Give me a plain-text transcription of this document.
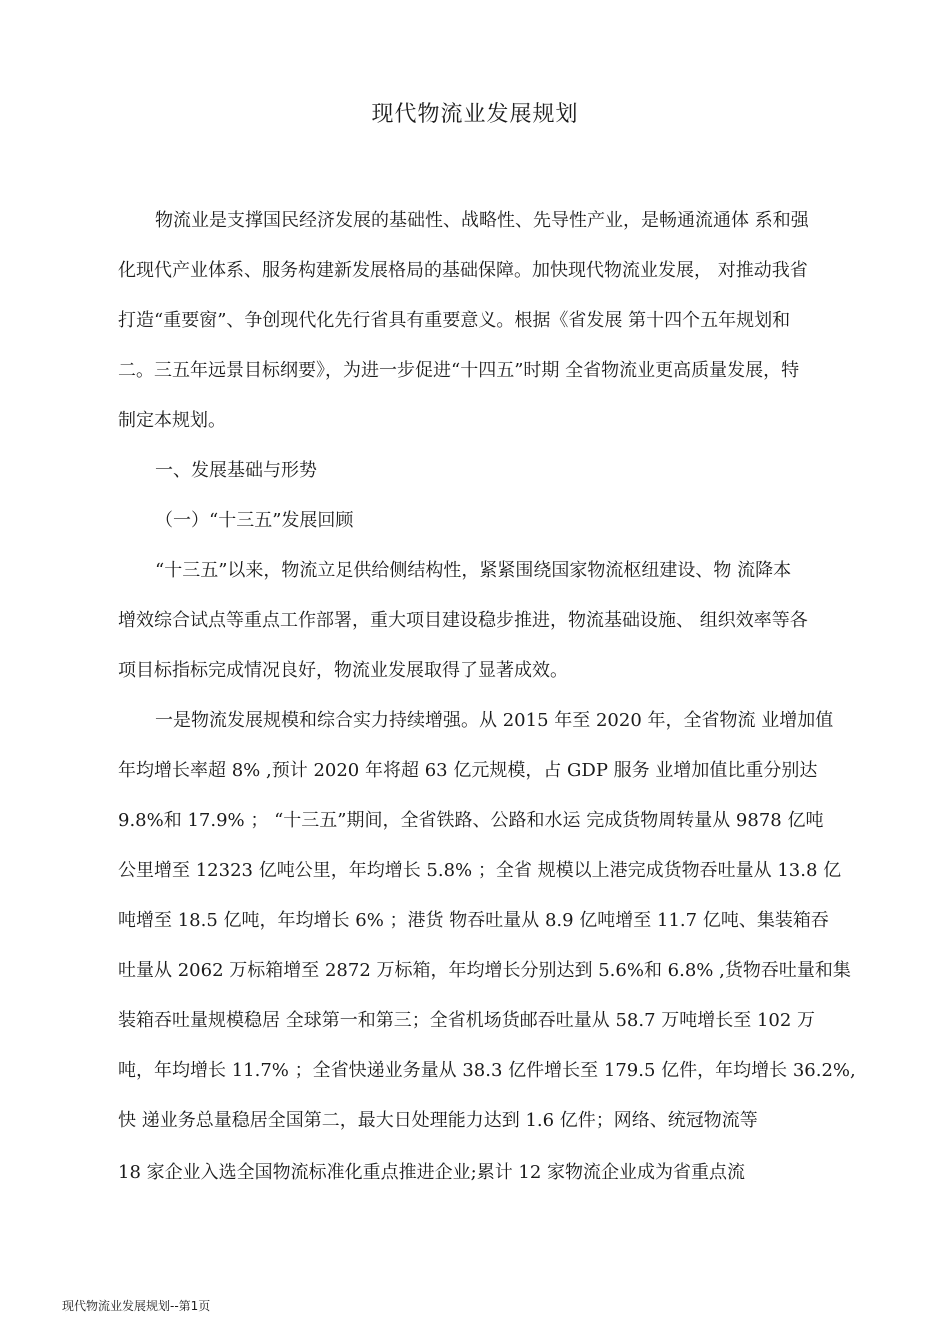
现代物流业发展规划
物流业是支撑国民经济发展的基础性、战略性、先导性产业，是畅通流通体 系和强
化现代产业体系、服务构建新发展格局的基础保障。加快现代物流业发展， 对推动我省
打造“重要窗”、争创现代化先行省具有重要意义。根据《省发展 第十四个五年规划和
二。三五年远景目标纲要》，为进一步促进“十四五”时期 全省物流业更高质量发展，特
制定本规划。
一、发展基础与形势
（一）“十三五”发展回顾
“十三五”以来，物流立足供给侧结构性，紧紧围绕国家物流枢纽建设、物 流降本
增效综合试点等重点工作部署，重大项目建设稳步推进，物流基础设施、 组织效率等各
项目标指标完成情况良好，物流业发展取得了显著成效。
一是物流发展规模和综合实力持续增强。从 2015 年至 2020 年，全省物流 业增加值
年均增长率超 8% ,预计 2020 年将超 63 亿元规模，占 GDP 服务 业增加值比重分别达
9.8%和 17.9% ； “十三五”期间，全省铁路、公路和水运 完成货物周转量从 9878 亿吨
公里增至 12323 亿吨公里，年均增长 5.8% ；全省 规模以上港完成货物吞吐量从 13.8 亿
吨增至 18.5 亿吨，年均增长 6% ；港货 物吞吐量从 8.9 亿吨增至 11.7 亿吨、集装箱吞
吐量从 2062 万标箱增至 2872 万标箱，年均增长分别达到 5.6%和 6.8% ,货物吞吐量和集
装箱吞吐量规模稳居 全球第一和第三；全省机场货邮吞吐量从 58.7 万吨增长至 102 万
吨，年均增长 11.7% ；全省快递业务量从 38.3 亿件增长至 179.5 亿件，年均增长 36.2%,
快 递业务总量稳居全国第二，最大日处理能力达到 1.6 亿件；网络、统冠物流等
18 家企业入选全国物流标准化重点推进企业;累计 12 家物流企业成为省重点流
现代物流业发展规划--第1页
